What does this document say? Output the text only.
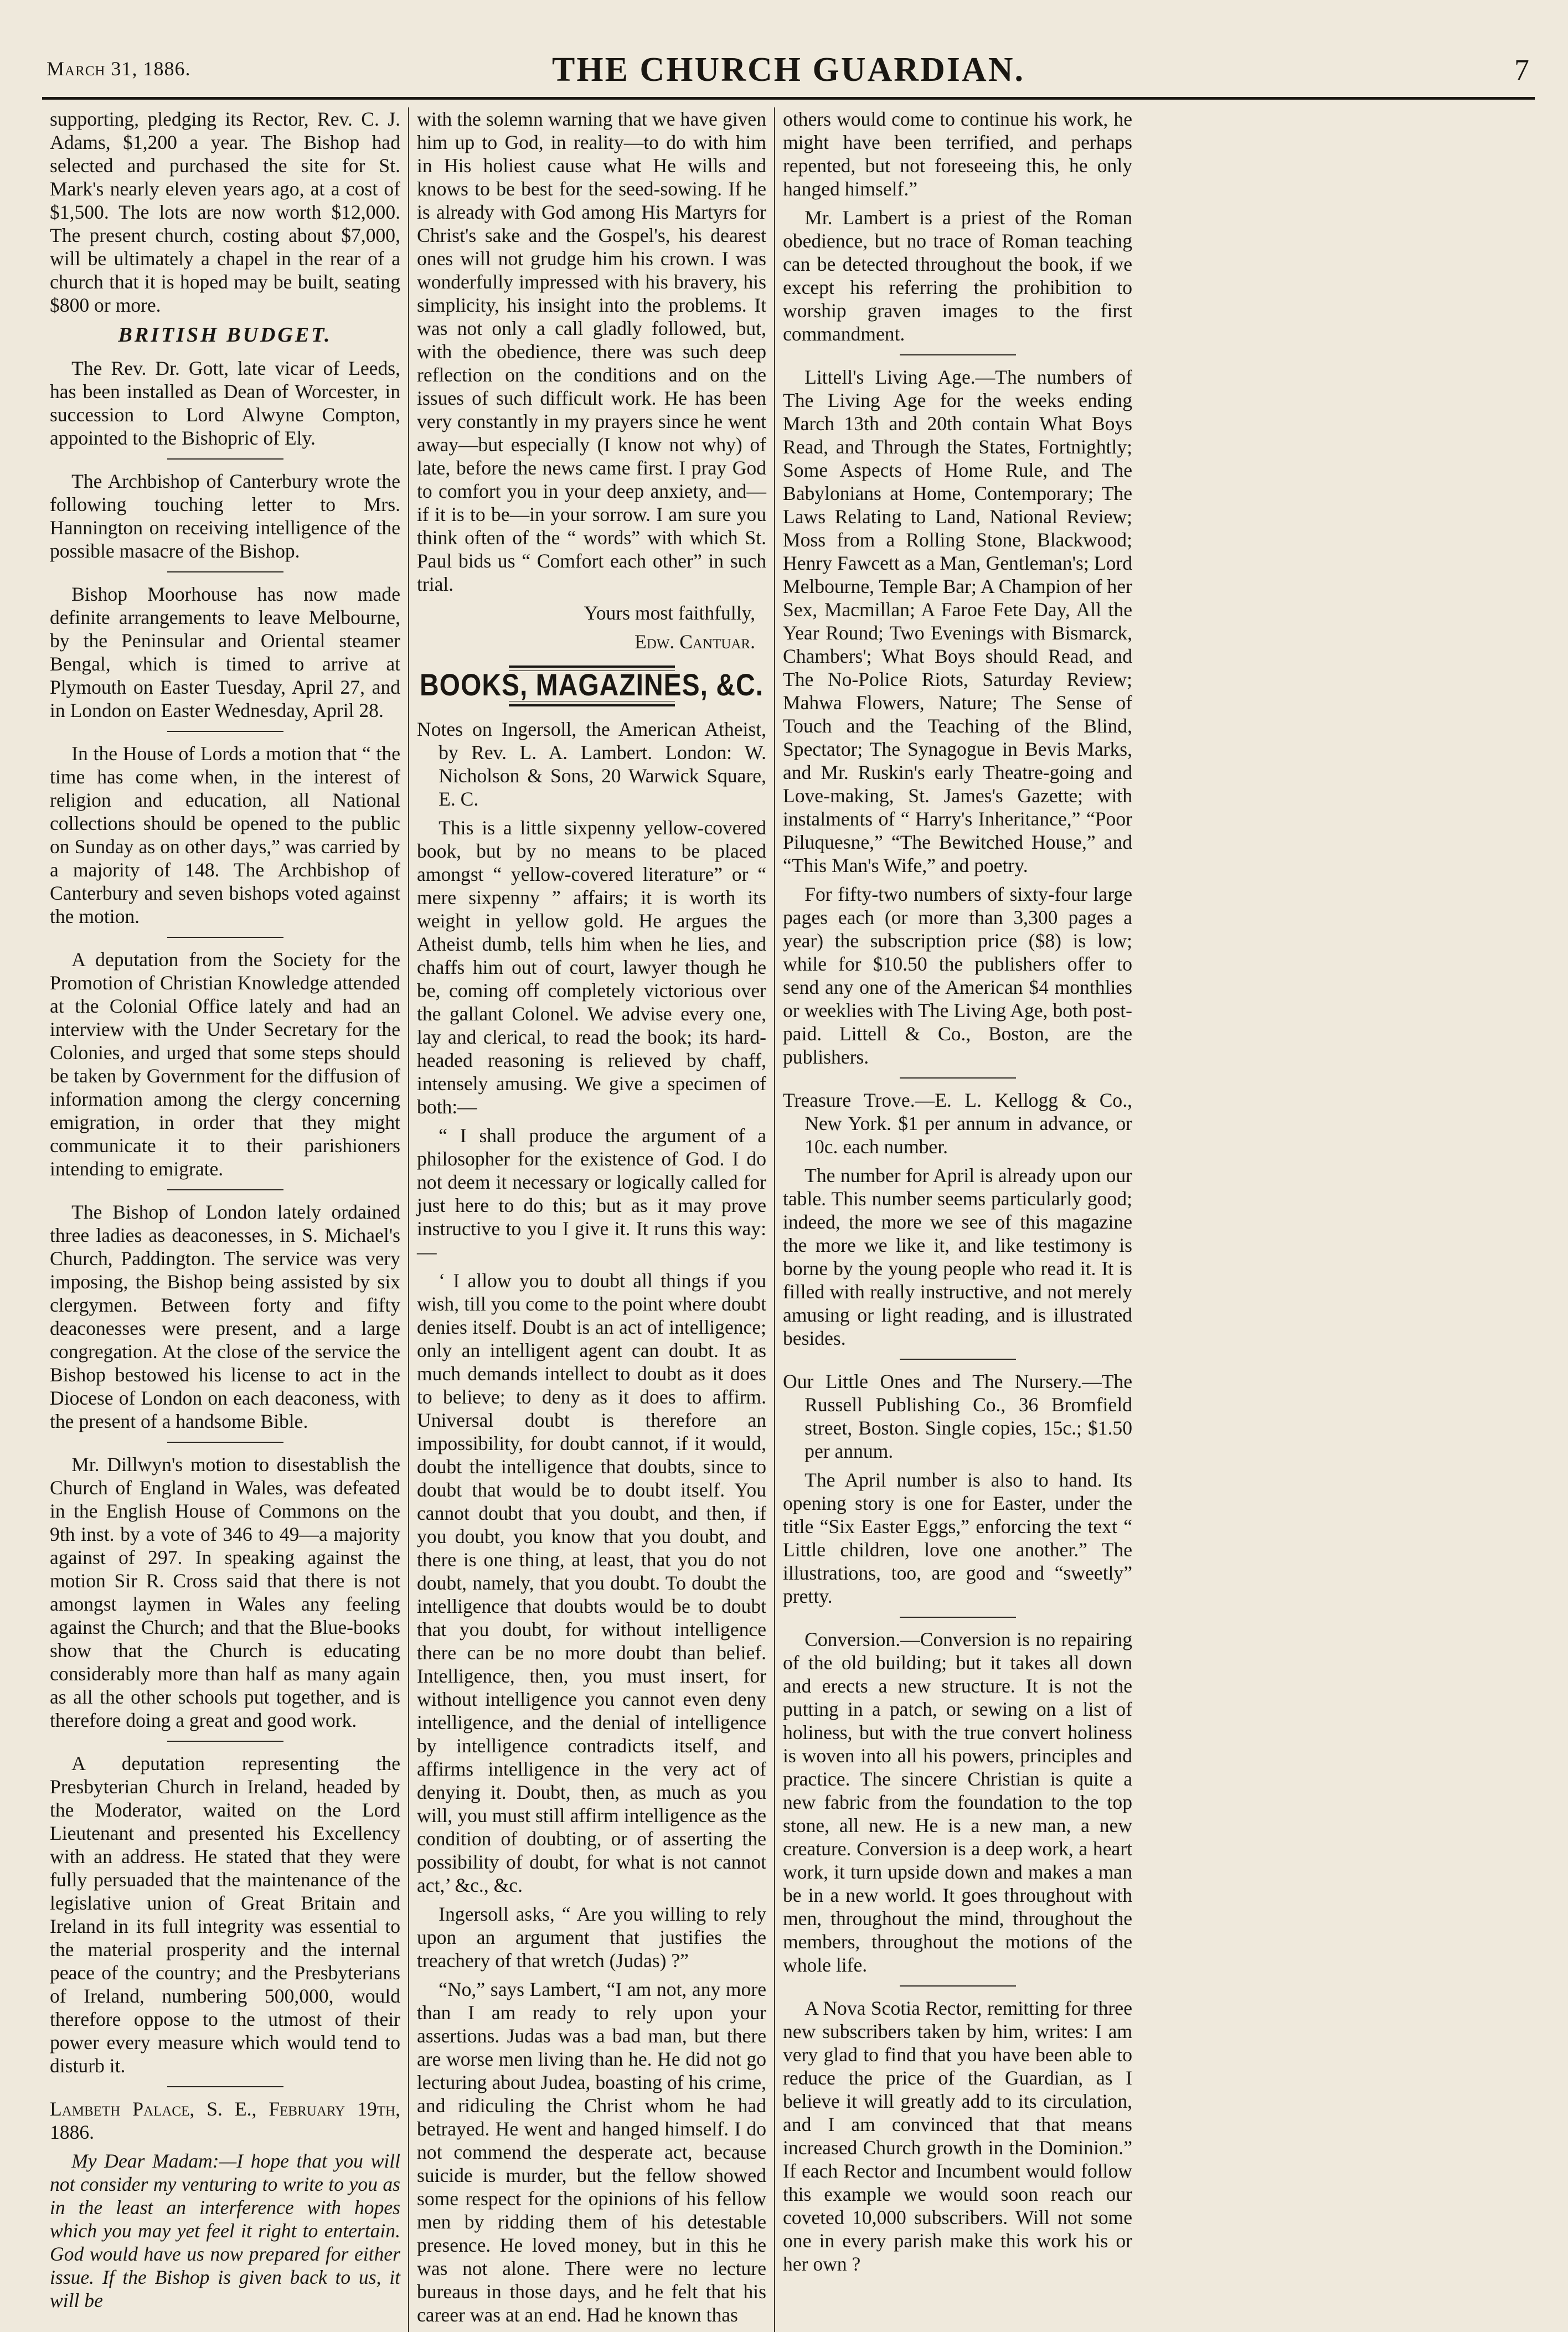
March 31, 1886.	THE CHURCH GUARDIAN.	7

supporting, pledging its Rector, Rev. C. J. Adams, $1,200 a year. The Bishop had selected and purchased the site for St. Mark's nearly eleven years ago, at a cost of $1,500. The lots are now worth $12,000. The present church, costing about $7,000, will be ultimately a chapel in the rear of a church that it is hoped may be built, seating $800 or more.

BRITISH BUDGET.

The Rev. Dr. Gott, late vicar of Leeds, has been installed as Dean of Worcester, in succession to Lord Alwyne Compton, appointed to the Bishopric of Ely.

The Archbishop of Canterbury wrote the following touching letter to Mrs. Hannington on receiving intelligence of the possible masacre of the Bishop.

Bishop Moorhouse has now made definite arrangements to leave Melbourne, by the Peninsular and Oriental steamer Bengal, which is timed to arrive at Plymouth on Easter Tuesday, April 27, and in London on Easter Wednesday, April 28.

In the House of Lords a motion that “ the time has come when, in the interest of religion and education, all National collections should be opened to the public on Sunday as on other days,” was carried by a majority of 148. The Archbishop of Canterbury and seven bishops voted against the motion.

A deputation from the Society for the Promotion of Christian Knowledge attended at the Colonial Office lately and had an interview with the Under Secretary for the Colonies, and urged that some steps should be taken by Government for the diffusion of information among the clergy concerning emigration, in order that they might communicate it to their parishioners intending to emigrate.

The Bishop of London lately ordained three ladies as deaconesses, in S. Michael's Church, Paddington. The service was very imposing, the Bishop being assisted by six clergymen. Between forty and fifty deaconesses were present, and a large congregation. At the close of the service the Bishop bestowed his license to act in the Diocese of London on each deaconess, with the present of a handsome Bible.

Mr. Dillwyn's motion to disestablish the Church of England in Wales, was defeated in the English House of Commons on the 9th inst. by a vote of 346 to 49—a majority against of 297. In speaking against the motion Sir R. Cross said that there is not amongst laymen in Wales any feeling against the Church; and that the Blue-books show that the Church is educating considerably more than half as many again as all the other schools put together, and is therefore doing a great and good work.

A deputation representing the Presbyterian Church in Ireland, headed by the Moderator, waited on the Lord Lieutenant and presented his Excellency with an address. He stated that they were fully persuaded that the maintenance of the legislative union of Great Britain and Ireland in its full integrity was essential to the material prosperity and the internal peace of the country; and the Presbyterians of Ireland, numbering 500,000, would therefore oppose to the utmost of their power every measure which would tend to disturb it.

Lambeth Palace, S. E., February 19th, 1886.

My Dear Madam:—I hope that you will not consider my venturing to write to you as in the least an interference with hopes which you may yet feel it right to entertain. God would have us now prepared for either issue. If the Bishop is given back to us, it will be

with the solemn warning that we have given him up to God, in reality—to do with him in His holiest cause what He wills and knows to be best for the seed-sowing. If he is already with God among His Martyrs for Christ's sake and the Gospel's, his dearest ones will not grudge him his crown. I was wonderfully impressed with his bravery, his simplicity, his insight into the problems. It was not only a call gladly followed, but, with the obedience, there was such deep reflection on the conditions and on the issues of such difficult work. He has been very constantly in my prayers since he went away—but especially (I know not why) of late, before the news came first. I pray God to comfort you in your deep anxiety, and—if it is to be—in your sorrow. I am sure you think often of the “ words” with which St. Paul bids us “ Comfort each other” in such trial.

Yours most faithfully,

Edw. Cantuar.

BOOKS, MAGAZINES, &C.

Notes on Ingersoll, the American Atheist, by Rev. L. A. Lambert. London: W. Nicholson & Sons, 20 Warwick Square, E. C.

This is a little sixpenny yellow-covered book, but by no means to be placed amongst “ yellow-covered literature” or “ mere sixpenny ” affairs; it is worth its weight in yellow gold. He argues the Atheist dumb, tells him when he lies, and chaffs him out of court, lawyer though he be, coming off completely victorious over the gallant Colonel. We advise every one, lay and clerical, to read the book; its hard-headed reasoning is relieved by chaff, intensely amusing. We give a specimen of both:—

“ I shall produce the argument of a philosopher for the existence of God. I do not deem it necessary or logically called for just here to do this; but as it may prove instructive to you I give it. It runs this way:—

‘ I allow you to doubt all things if you wish, till you come to the point where doubt denies itself. Doubt is an act of intelligence; only an intelligent agent can doubt. It as much demands intellect to doubt as it does to believe; to deny as it does to affirm. Universal doubt is therefore an impossibility, for doubt cannot, if it would, doubt the intelligence that doubts, since to doubt that would be to doubt itself. You cannot doubt that you doubt, and then, if you doubt, you know that you doubt, and there is one thing, at least, that you do not doubt, namely, that you doubt. To doubt the intelligence that doubts would be to doubt that you doubt, for without intelligence there can be no more doubt than belief. Intelligence, then, you must insert, for without intelligence you cannot even deny intelligence, and the denial of intelligence by intelligence contradicts itself, and affirms intelligence in the very act of denying it. Doubt, then, as much as you will, you must still affirm intelligence as the condition of doubting, or of asserting the possibility of doubt, for what is not cannot act,’ &c., &c.

Ingersoll asks, “ Are you willing to rely upon an argument that justifies the treachery of that wretch (Judas) ?”

“No,” says Lambert, “I am not, any more than I am ready to rely upon your assertions. Judas was a bad man, but there are worse men living than he. He did not go lecturing about Judea, boasting of his crime, and ridiculing the Christ whom he had betrayed. He went and hanged himself. I do not commend the desperate act, because suicide is murder, but the fellow showed some respect for the opinions of his fellow men by ridding them of his detestable presence. He loved money, but in this he was not alone. There were no lecture bureaus in those days, and he felt that his career was at an end. Had he known thas

others would come to continue his work, he might have been terrified, and perhaps repented, but not foreseeing this, he only hanged himself.”

Mr. Lambert is a priest of the Roman obedience, but no trace of Roman teaching can be detected throughout the book, if we except his referring the prohibition to worship graven images to the first commandment.

Littell's Living Age.—The numbers of The Living Age for the weeks ending March 13th and 20th contain What Boys Read, and Through the States, Fortnightly; Some Aspects of Home Rule, and The Babylonians at Home, Contemporary; The Laws Relating to Land, National Review; Moss from a Rolling Stone, Blackwood; Henry Fawcett as a Man, Gentleman's; Lord Melbourne, Temple Bar; A Champion of her Sex, Macmillan; A Faroe Fete Day, All the Year Round; Two Evenings with Bismarck, Chambers'; What Boys should Read, and The No-Police Riots, Saturday Review; Mahwa Flowers, Nature; The Sense of Touch and the Teaching of the Blind, Spectator; The Synagogue in Bevis Marks, and Mr. Ruskin's early Theatre-going and Love-making, St. James's Gazette; with instalments of “ Harry's Inheritance,” “Poor Piluquesne,” “The Bewitched House,” and “This Man's Wife,” and poetry.

For fifty-two numbers of sixty-four large pages each (or more than 3,300 pages a year) the subscription price ($8) is low; while for $10.50 the publishers offer to send any one of the American $4 monthlies or weeklies with The Living Age, both post-paid. Littell & Co., Boston, are the publishers.

Treasure Trove.—E. L. Kellogg & Co., New York. $1 per annum in advance, or 10c. each number.

The number for April is already upon our table. This number seems particularly good; indeed, the more we see of this magazine the more we like it, and like testimony is borne by the young people who read it. It is filled with really instructive, and not merely amusing or light reading, and is illustrated besides.

Our Little Ones and The Nursery.—The Russell Publishing Co., 36 Bromfield street, Boston. Single copies, 15c.; $1.50 per annum.

The April number is also to hand. Its opening story is one for Easter, under the title “Six Easter Eggs,” enforcing the text “ Little children, love one another.” The illustrations, too, are good and “sweetly” pretty.

Conversion.—Conversion is no repairing of the old building; but it takes all down and erects a new structure. It is not the putting in a patch, or sewing on a list of holiness, but with the true convert holiness is woven into all his powers, principles and practice. The sincere Christian is quite a new fabric from the foundation to the top stone, all new. He is a new man, a new creature. Conversion is a deep work, a heart work, it turn upside down and makes a man be in a new world. It goes throughout with men, throughout the mind, throughout the members, throughout the motions of the whole life.

A Nova Scotia Rector, remitting for three new subscribers taken by him, writes: I am very glad to find that you have been able to reduce the price of the Guardian, as I believe it will greatly add to its circulation, and I am convinced that that means increased Church growth in the Dominion.” If each Rector and Incumbent would follow this example we would soon reach our coveted 10,000 subscribers. Will not some one in every parish make this work his or her own ?
